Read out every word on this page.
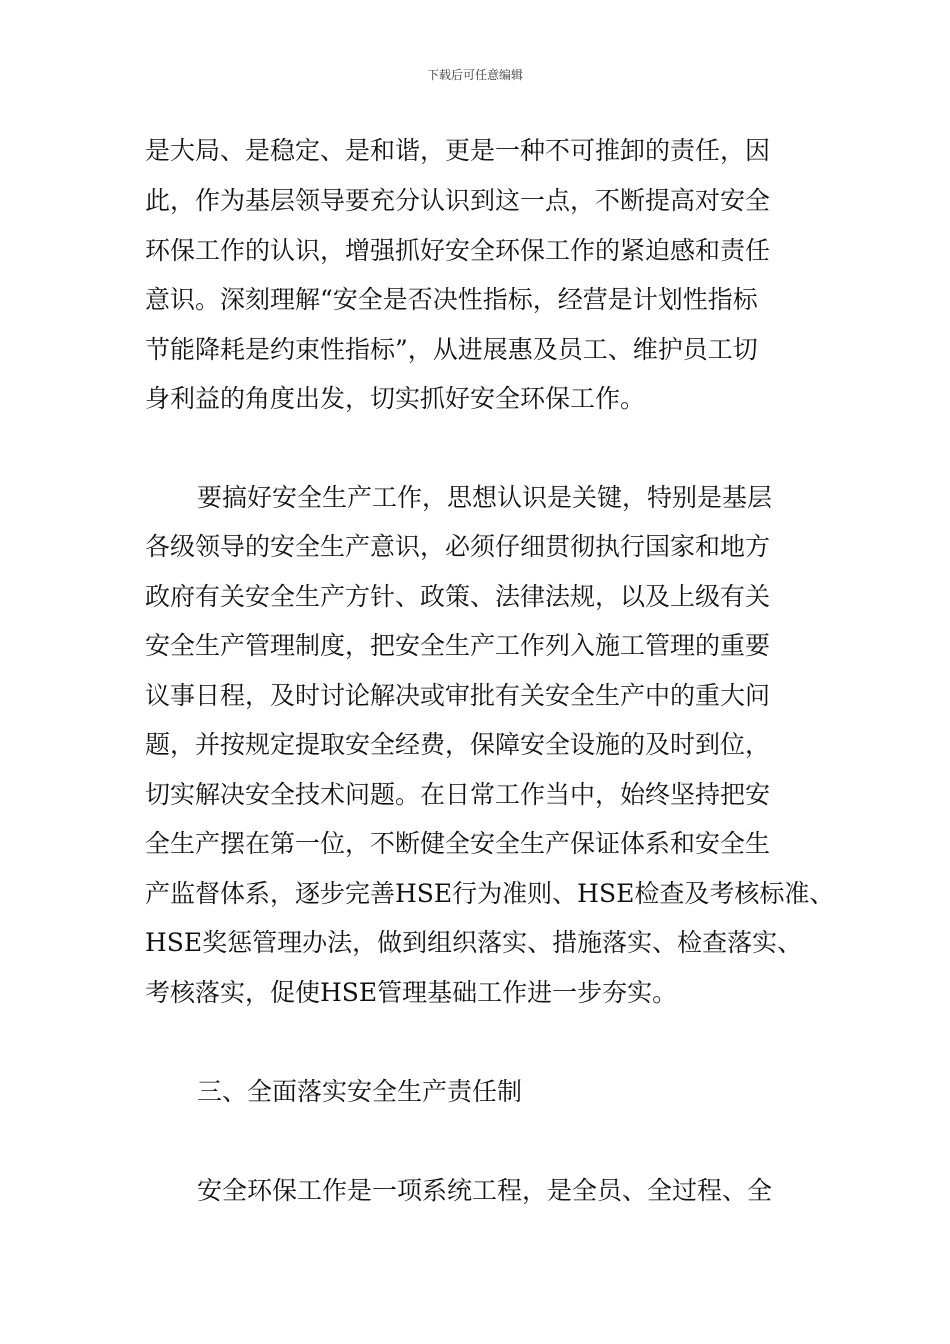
下载后可任意编辑
是大局、是稳定、是和谐，更是一种不可推卸的责任，因
此，作为基层领导要充分认识到这一点，不断提高对安全
环保工作的认识，增强抓好安全环保工作的紧迫感和责任
意识。深刻理解“安全是否决性指标，经营是计划性指标
节能降耗是约束性指标”，从进展惠及员工、维护员工切
身利益的角度出发，切实抓好安全环保工作。
要搞好安全生产工作，思想认识是关键，特别是基层
各级领导的安全生产意识，必须仔细贯彻执行国家和地方
政府有关安全生产方针、政策、法律法规，以及上级有关
安全生产管理制度，把安全生产工作列入施工管理的重要
议事日程，及时讨论解决或审批有关安全生产中的重大问
题，并按规定提取安全经费，保障安全设施的及时到位，
切实解决安全技术问题。在日常工作当中，始终坚持把安
全生产摆在第一位，不断健全安全生产保证体系和安全生
产监督体系，逐步完善HSE行为准则、HSE检查及考核标准、
HSE奖惩管理办法，做到组织落实、措施落实、检查落实、
考核落实，促使HSE管理基础工作进一步夯实。
三、全面落实安全生产责任制
安全环保工作是一项系统工程，是全员、全过程、全
